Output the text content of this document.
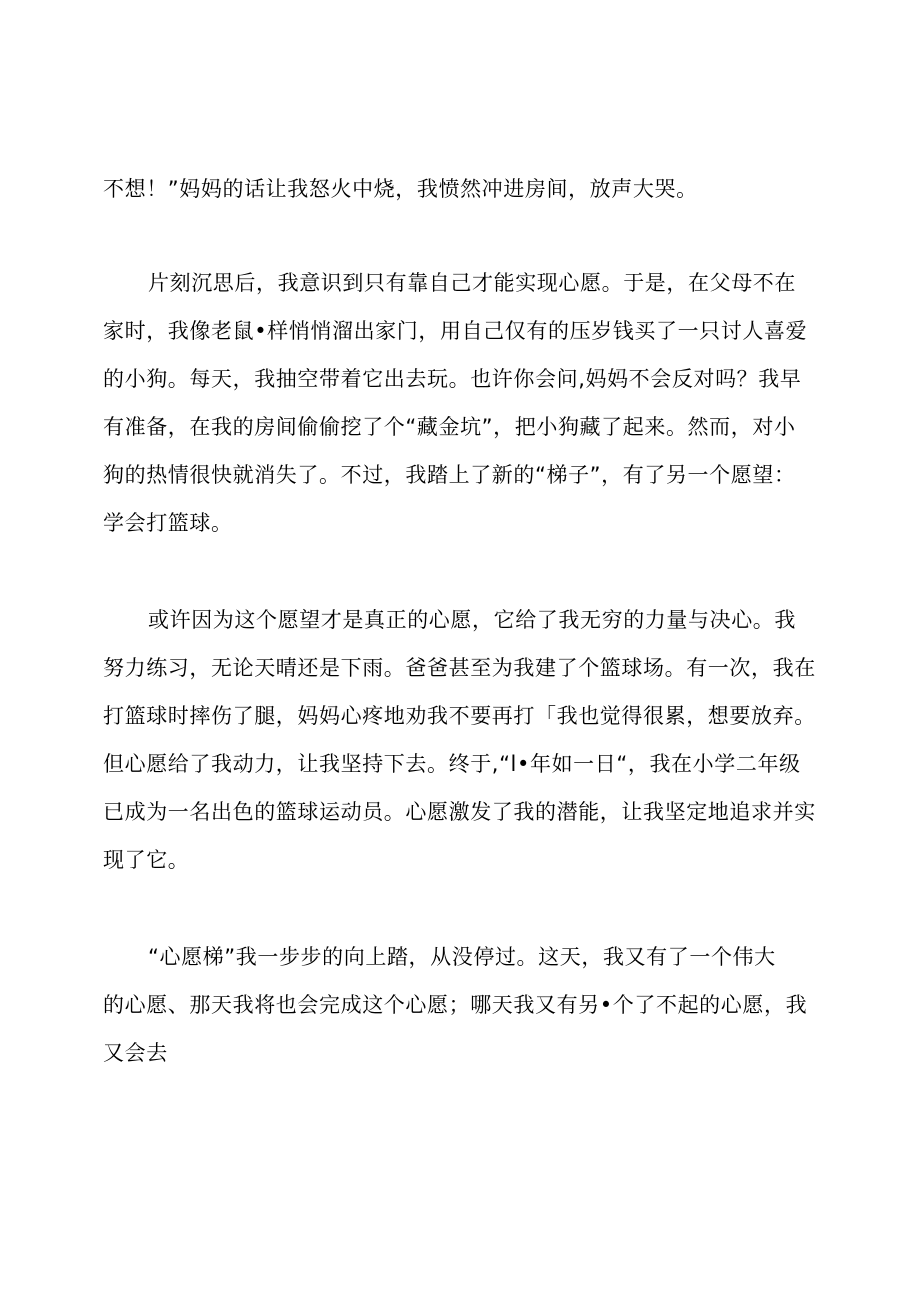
不想！”妈妈的话让我怒火中烧，我愤然冲进房间，放声大哭。
片刻沉思后，我意识到只有靠自己才能实现心愿。于是，在父母不在
家时，我像老鼠•样悄悄溜出家门，用自己仅有的压岁钱买了一只讨人喜爱
的小狗。每天，我抽空带着它出去玩。也许你会问,妈妈不会反对吗？我早
有准备，在我的房间偷偷挖了个“藏金坑”，把小狗藏了起来。然而，对小
狗的热情很快就消失了。不过，我踏上了新的“梯子”，有了另一个愿望：
学会打篮球。
或许因为这个愿望才是真正的心愿，它给了我无穷的力量与决心。我
努力练习，无论天晴还是下雨。爸爸甚至为我建了个篮球场。有一次，我在
打篮球时摔伤了腿，妈妈心疼地劝我不要再打「我也觉得很累，想要放弃。
但心愿给了我动力，让我坚持下去。终于,“l•年如一日“，我在小学二年级
已成为一名出色的篮球运动员。心愿激发了我的潜能，让我坚定地追求并实
现了它。
“心愿梯”我一步步的向上踏，从没停过。这天，我又有了一个伟大
的心愿、那天我将也会完成这个心愿；哪天我又有另•个了不起的心愿，我
又会去
